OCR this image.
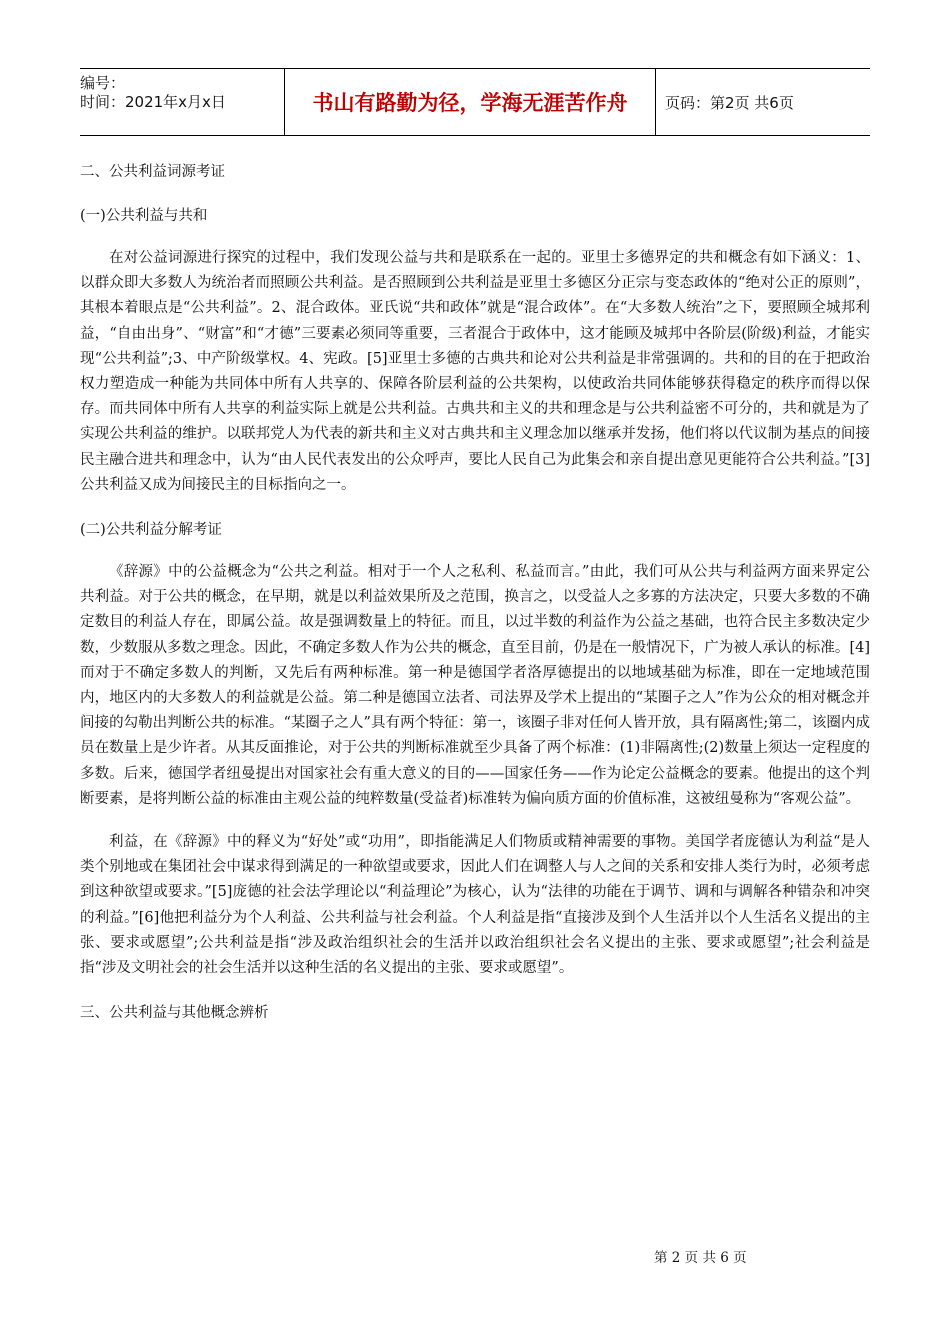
编号：
时间：2021年x月x日	书山有路勤为径，学海无涯苦作舟	页码：第2页 共6页
二、公共利益词源考证
(一)公共利益与共和

在对公益词源进行探究的过程中，我们发现公益与共和是联系在一起的。亚里士多德界定的共和概念有如下涵义：1、以群众即大多数人为统治者而照顾公共利益。是否照顾到公共利益是亚里士多德区分正宗与变态政体的“绝对公正的原则”，其根本着眼点是“公共利益”。2、混合政体。亚氏说“共和政体”就是“混合政体”。在“大多数人统治”之下，要照顾全城邦利益，“自由出身”、“财富”和“才德”三要素必须同等重要，三者混合于政体中，这才能顾及城邦中各阶层(阶级)利益，才能实现“公共利益”;3、中产阶级掌权。4、宪政。[5]亚里士多德的古典共和论对公共利益是非常强调的。共和的目的在于把政治权力塑造成一种能为共同体中所有人共享的、保障各阶层利益的公共架构，以使政治共同体能够获得稳定的秩序而得以保存。而共同体中所有人共享的利益实际上就是公共利益。古典共和主义的共和理念是与公共利益密不可分的，共和就是为了实现公共利益的维护。以联邦党人为代表的新共和主义对古典共和主义理念加以继承并发扬，他们将以代议制为基点的间接民主融合进共和理念中，认为“由人民代表发出的公众呼声，要比人民自己为此集会和亲自提出意见更能符合公共利益。”[3]公共利益又成为间接民主的目标指向之一。

(二)公共利益分解考证

《辞源》中的公益概念为“公共之利益。相对于一个人之私利、私益而言。”由此，我们可从公共与利益两方面来界定公共利益。对于公共的概念，在早期，就是以利益效果所及之范围，换言之，以受益人之多寡的方法决定，只要大多数的不确定数目的利益人存在，即属公益。故是强调数量上的特征。而且，以过半数的利益作为公益之基础，也符合民主多数决定少数，少数服从多数之理念。因此，不确定多数人作为公共的概念，直至目前，仍是在一般情况下，广为被人承认的标准。[4]而对于不确定多数人的判断，又先后有两种标准。第一种是德国学者洛厚德提出的以地域基础为标准，即在一定地域范围内，地区内的大多数人的利益就是公益。第二种是德国立法者、司法界及学术上提出的“某圈子之人”作为公众的相对概念并间接的勾勒出判断公共的标准。“某圈子之人”具有两个特征：第一，该圈子非对任何人皆开放，具有隔离性;第二，该圈内成员在数量上是少许者。从其反面推论，对于公共的判断标准就至少具备了两个标准：(1)非隔离性;(2)数量上须达一定程度的多数。后来，德国学者纽曼提出对国家社会有重大意义的目的——国家任务——作为论定公益概念的要素。他提出的这个判断要素，是将判断公益的标准由主观公益的纯粹数量(受益者)标准转为偏向质方面的价值标准，这被纽曼称为“客观公益”。

利益，在《辞源》中的释义为“好处”或“功用”，即指能满足人们物质或精神需要的事物。美国学者庞德认为利益“是人类个别地或在集团社会中谋求得到满足的一种欲望或要求，因此人们在调整人与人之间的关系和安排人类行为时，必须考虑到这种欲望或要求。”[5]庞德的社会法学理论以“利益理论”为核心，认为“法律的功能在于调节、调和与调解各种错杂和冲突的利益。”[6]他把利益分为个人利益、公共利益与社会利益。个人利益是指“直接涉及到个人生活并以个人生活名义提出的主张、要求或愿望”;公共利益是指“涉及政治组织社会的生活并以政治组织社会名义提出的主张、要求或愿望”;社会利益是指“涉及文明社会的社会生活并以这种生活的名义提出的主张、要求或愿望”。

三、公共利益与其他概念辨析
第 2 页 共 6 页
